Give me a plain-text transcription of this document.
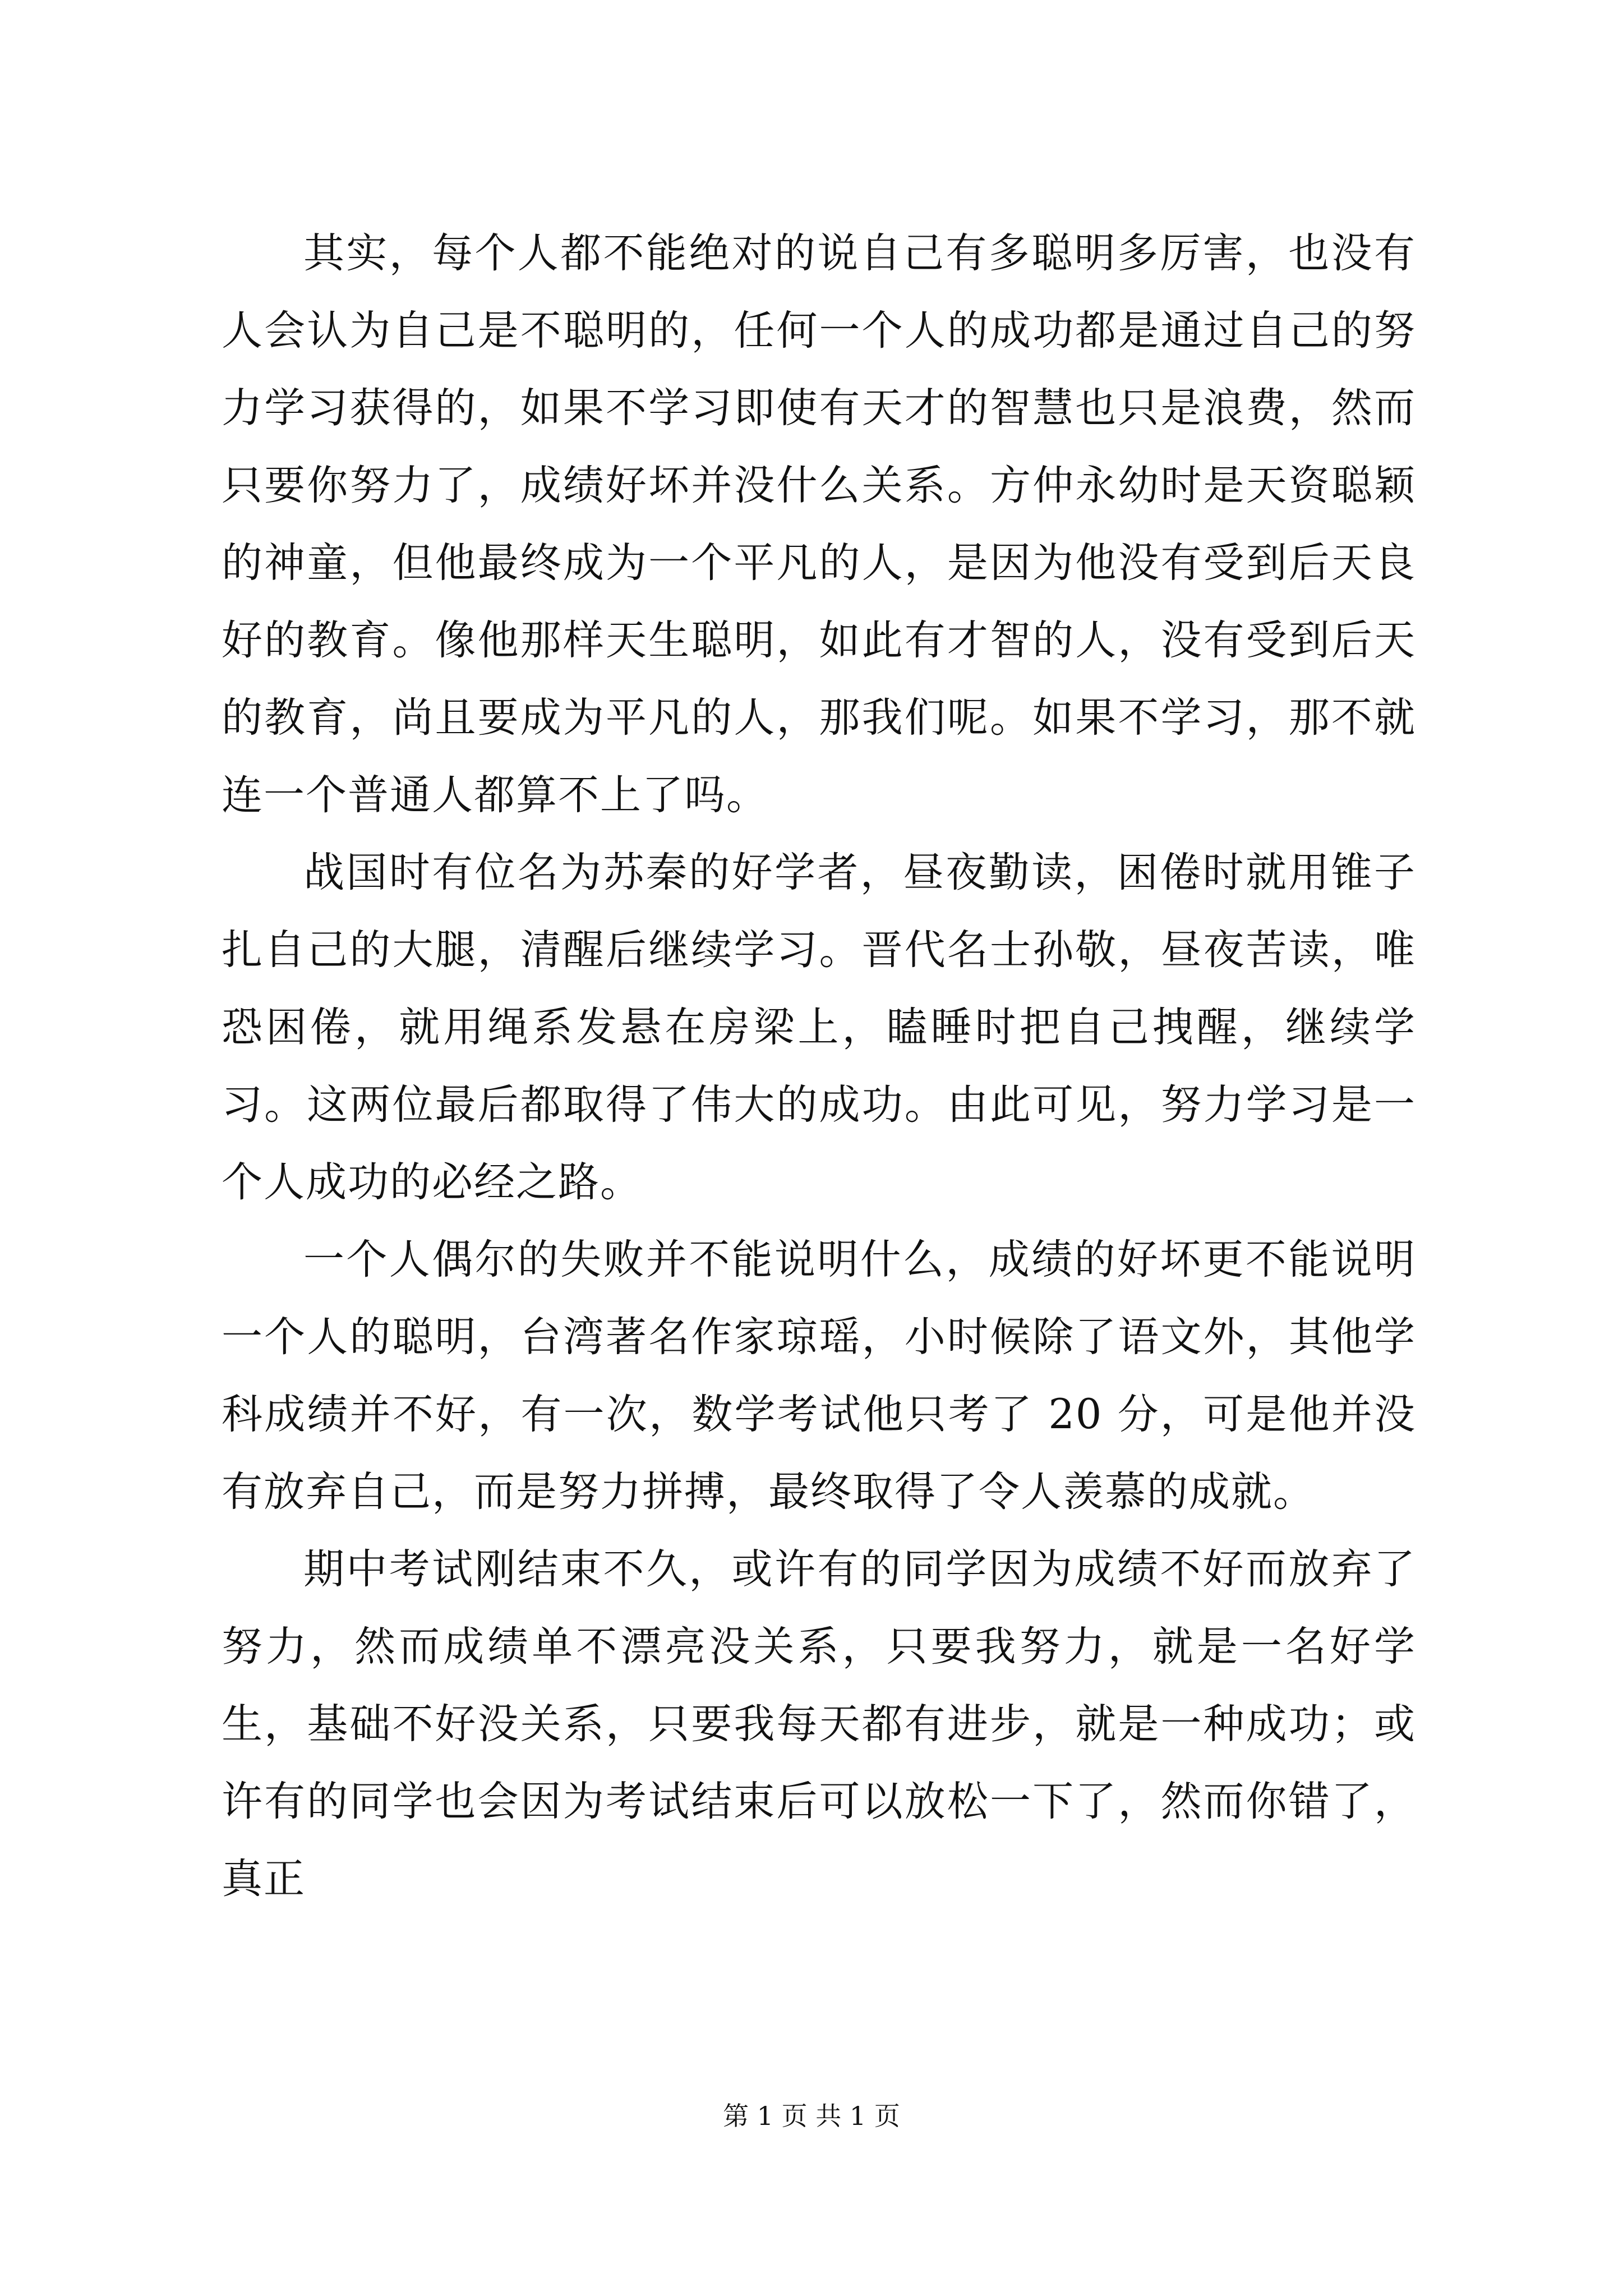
其实，每个人都不能绝对的说自己有多聪明多厉害，也没有人会认为自己是不聪明的，任何一个人的成功都是通过自己的努力学习获得的，如果不学习即使有天才的智慧也只是浪费，然而只要你努力了，成绩好坏并没什么关系。方仲永幼时是天资聪颖的神童，但他最终成为一个平凡的人，是因为他没有受到后天良好的教育。像他那样天生聪明，如此有才智的人，没有受到后天的教育，尚且要成为平凡的人，那我们呢。如果不学习，那不就连一个普通人都算不上了吗。

战国时有位名为苏秦的好学者，昼夜勤读，困倦时就用锥子扎自己的大腿，清醒后继续学习。晋代名士孙敬，昼夜苦读，唯恐困倦，就用绳系发悬在房梁上，瞌睡时把自己拽醒，继续学习。这两位最后都取得了伟大的成功。由此可见，努力学习是一个人成功的必经之路。

一个人偶尔的失败并不能说明什么，成绩的好坏更不能说明一个人的聪明，台湾著名作家琼瑶，小时候除了语文外，其他学科成绩并不好，有一次，数学考试他只考了 20 分，可是他并没有放弃自己，而是努力拼搏，最终取得了令人羡慕的成就。

期中考试刚结束不久，或许有的同学因为成绩不好而放弃了努力，然而成绩单不漂亮没关系，只要我努力，就是一名好学生，基础不好没关系，只要我每天都有进步，就是一种成功；或许有的同学也会因为考试结束后可以放松一下了，然而你错了，真正

第 1 页 共 1 页
